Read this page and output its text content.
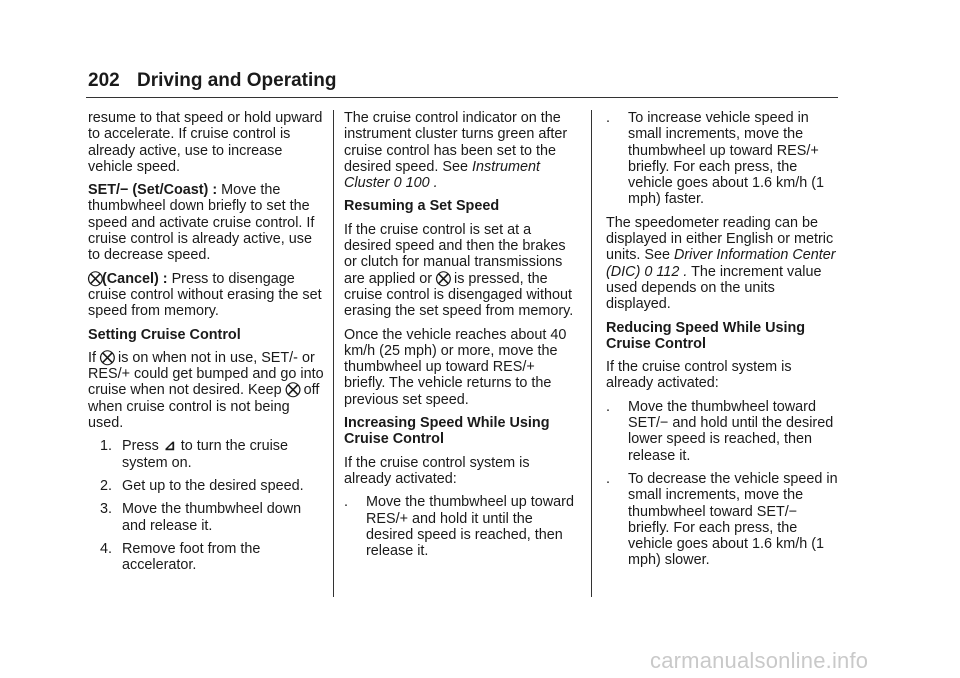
202 Driving and Operating

resume to that speed or hold upward to accelerate. If cruise control is already active, use to increase vehicle speed.

SET/− (Set/Coast) : Move the thumbwheel down briefly to set the speed and activate cruise control. If cruise control is already active, use to decrease speed.

⛒(Cancel) : Press to disengage cruise control without erasing the set speed from memory.

Setting Cruise Control

If ⛒ is on when not in use, SET/- or RES/+ could get bumped and go into cruise when not desired. Keep ⛒ off when cruise control is not being used.

1. Press ⊿ to turn the cruise system on.
2. Get up to the desired speed.
3. Move the thumbwheel down and release it.
4. Remove foot from the accelerator.

The cruise control indicator on the instrument cluster turns green after cruise control has been set to the desired speed. See Instrument Cluster 0 100 .

Resuming a Set Speed

If the cruise control is set at a desired speed and then the brakes or clutch for manual transmissions are applied or ⛒ is pressed, the cruise control is disengaged without erasing the set speed from memory.

Once the vehicle reaches about 40 km/h (25 mph) or more, move the thumbwheel up toward RES/+ briefly. The vehicle returns to the previous set speed.

Increasing Speed While Using Cruise Control

If the cruise control system is already activated:

.	Move the thumbwheel up toward RES/+ and hold it until the desired speed is reached, then release it.
.	To increase vehicle speed in small increments, move the thumbwheel up toward RES/+ briefly. For each press, the vehicle goes about 1.6 km/h (1 mph) faster.

The speedometer reading can be displayed in either English or metric units. See Driver Information Center (DIC) 0 112 . The increment value used depends on the units displayed.

Reducing Speed While Using Cruise Control

If the cruise control system is already activated:

.	Move the thumbwheel toward SET/− and hold until the desired lower speed is reached, then release it.
.	To decrease the vehicle speed in small increments, move the thumbwheel toward SET/− briefly. For each press, the vehicle goes about 1.6 km/h (1 mph) slower.
carmanualsonline.info
